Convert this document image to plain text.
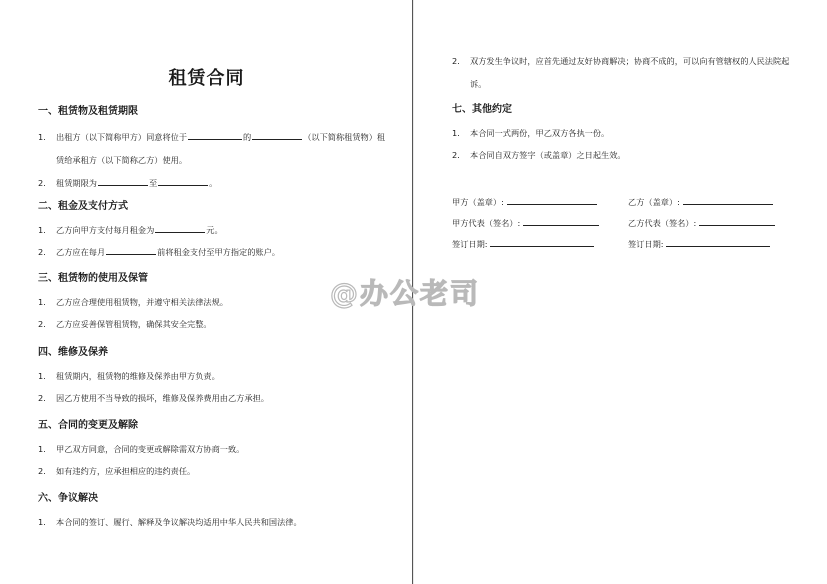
租赁合同
一、租赁物及租赁期限
1. 出租方（以下简称甲方）同意将位于	的	（以下简称租赁物）租赁给承租方（以下简称乙方）使用。
2. 租赁期限为	至	。
二、租金及支付方式
1. 乙方向甲方支付每月租金为	元。
2. 乙方应在每月	前将租金支付至甲方指定的账户。
三、租赁物的使用及保管
1. 乙方应合理使用租赁物，并遵守相关法律法规。
2. 乙方应妥善保管租赁物，确保其安全完整。
四、维修及保养
1. 租赁期内，租赁物的维修及保养由甲方负责。
2. 因乙方使用不当导致的损坏，维修及保养费用由乙方承担。
五、合同的变更及解除
1. 甲乙双方同意，合同的变更或解除需双方协商一致。
2. 如有违约方，应承担相应的违约责任。
六、争议解决
1. 本合同的签订、履行、解释及争议解决均适用中华人民共和国法律。
2. 双方发生争议时，应首先通过友好协商解决；协商不成的，可以向有管辖权的人民法院起诉。
七、其他约定
1. 本合同一式两份，甲乙双方各执一份。
2. 本合同自双方签字（或盖章）之日起生效。
甲方（盖章）:	乙方（盖章）:
甲方代表（签名）:	乙方代表（签名）:
签订日期:	签订日期:
@办公老司
